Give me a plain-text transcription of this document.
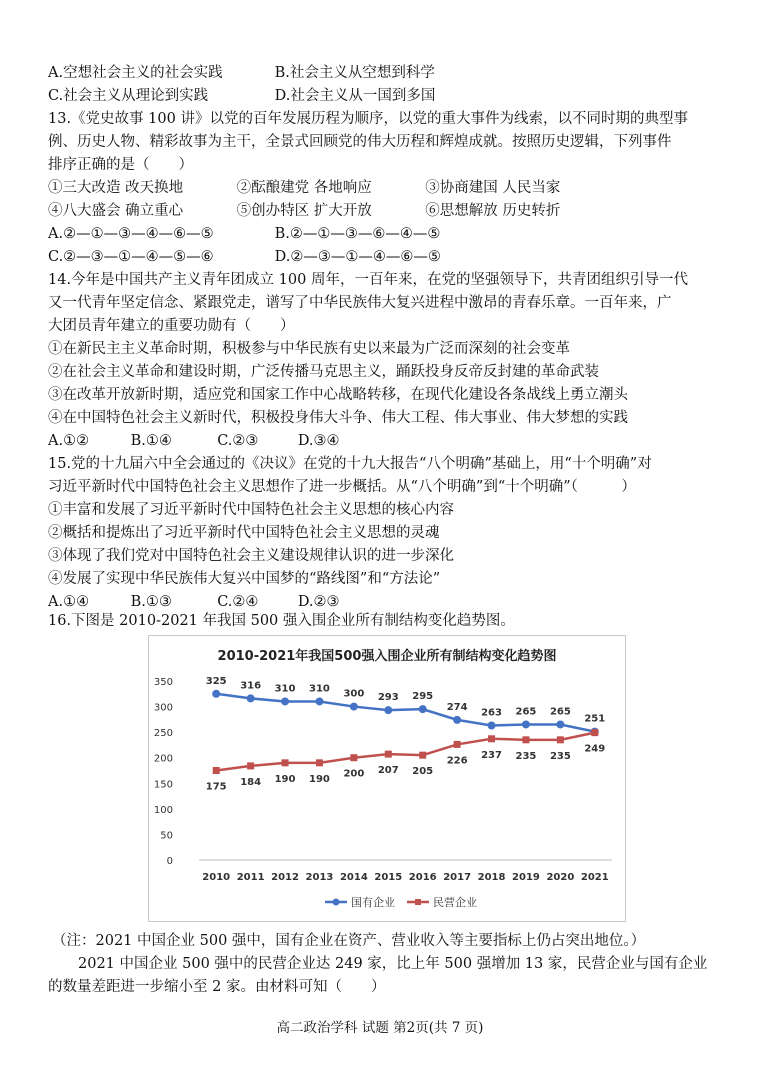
A.空想社会主义的社会实践	B.社会主义从空想到科学
C.社会主义从理论到实践	D.社会主义从一国到多国
13.《党史故事 100 讲》以党的百年发展历程为顺序，以党的重大事件为线索，以不同时期的典型事
例、历史人物、精彩故事为主干，全景式回顾党的伟大历程和辉煌成就。按照历史逻辑，下列事件
排序正确的是（　　）
①三大改造 改天换地	②酝酿建党 各地响应	③协商建国 人民当家
④八大盛会 确立重心	⑤创办特区 扩大开放	⑥思想解放 历史转折
A.②—①—③—④—⑥—⑤	B.②—①—③—⑥—④—⑤
C.②—③—①—④—⑤—⑥	D.②—③—①—④—⑥—⑤
14.今年是中国共产主义青年团成立 100 周年，一百年来，在党的坚强领导下，共青团组织引导一代
又一代青年坚定信念、紧跟党走，谱写了中华民族伟大复兴进程中激昂的青春乐章。一百年来，广
大团员青年建立的重要功勋有（　　）
①在新民主主义革命时期，积极参与中华民族有史以来最为广泛而深刻的社会变革
②在社会主义革命和建设时期，广泛传播马克思主义，踊跃投身反帝反封建的革命武装
③在改革开放新时期，适应党和国家工作中心战略转移，在现代化建设各条战线上勇立潮头
④在中国特色社会主义新时代，积极投身伟大斗争、伟大工程、伟大事业、伟大梦想的实践
A.①②	B.①④	C.②③	D.③④
15.党的十九届六中全会通过的《决议》在党的十九大报告“八个明确”基础上，用“十个明确”对
习近平新时代中国特色社会主义思想作了进一步概括。从“八个明确”到“十个明确”（　　　）
①丰富和发展了习近平新时代中国特色社会主义思想的核心内容
②概括和提炼出了习近平新时代中国特色社会主义思想的灵魂
③体现了我们党对中国特色社会主义建设规律认识的进一步深化
④发展了实现中华民族伟大复兴中国梦的“路线图”和“方法论”
A.①④	B.①③	C.②④	D.②③
16.下图是 2010-2021 年我国 500 强入围企业所有制结构变化趋势图。
2010-2021年我国500强入围企业所有制结构变化趋势图
0
50
100
150
200
250
300
350
2010 2011 2012 2013 2014 2015 2016 2017 2018 2019 2020 2021
325 316 310 310 300 293 295
274
263 265 265
251
175 184 190 190 200 207 205
226
237 235 235
249
国有企业	民营企业
（注：2021 中国企业 500 强中，国有企业在资产、营业收入等主要指标上仍占突出地位。）
2021 中国企业 500 强中的民营企业达 249 家，比上年 500 强增加 13 家，民营企业与国有企业
的数量差距进一步缩小至 2 家。由材料可知（　　）
高二政治学科 试题 第2页(共 7 页)
